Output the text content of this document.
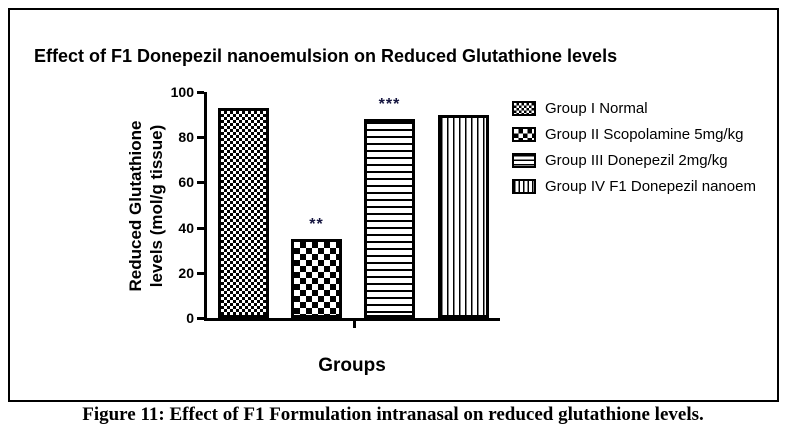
Effect of F1 Donepezil nanoemulsion on Reduced Glutathione levels
Reduced Glutathione levels (mol/g tissue)
0
20
40
60
80
100
**
***
Groups
Group I Normal
Group II Scopolamine 5mg/kg
Group III Donepezil 2mg/kg
Group IV F1 Donepezil nanoem
Figure 11: Effect of F1 Formulation intranasal on reduced glutathione levels.
